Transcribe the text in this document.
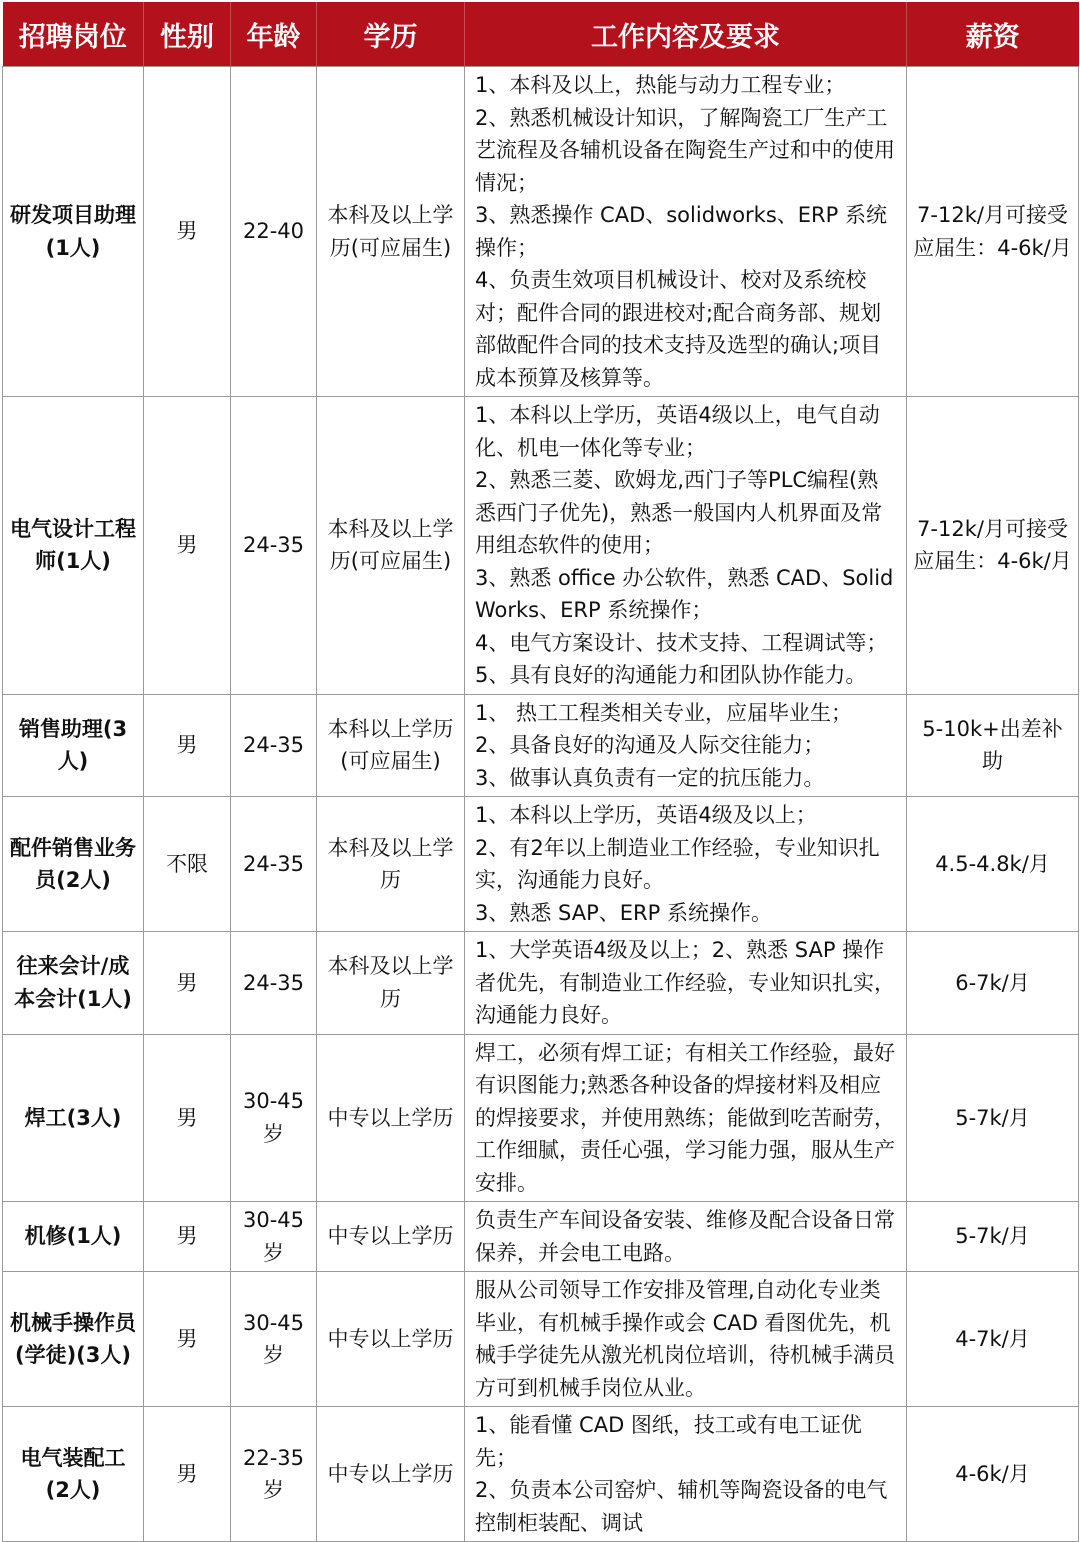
招聘岗位	性别	年龄	学历	工作内容及要求	薪资
研发项目助理(1人)	男	22-40	本科及以上学历(可应届生)	1、本科及以上，热能与动力工程专业；
2、熟悉机械设计知识，了解陶瓷工厂生产工艺流程及各辅机设备在陶瓷生产过和中的使用情况；
3、熟悉操作 CAD、solidworks、ERP 系统操作；
4、负责生效项目机械设计、校对及系统校对；配件合同的跟进校对;配合商务部、规划部做配件合同的技术支持及选型的确认;项目成本预算及核算等。	7-12k/月可接受应届生：4-6k/月
电气设计工程师(1人)	男	24-35	本科及以上学历(可应届生)	1、本科以上学历，英语4级以上，电气自动化、机电一体化等专业；
2、熟悉三菱、欧姆龙,西门子等PLC编程(熟悉西门子优先)，熟悉一般国内人机界面及常用组态软件的使用；
3、熟悉 office 办公软件，熟悉 CAD、SolidWorks、ERP 系统操作；
4、电气方案设计、技术支持、工程调试等；
5、具有良好的沟通能力和团队协作能力。	7-12k/月可接受应届生：4-6k/月
销售助理(3人)	男	24-35	本科以上学历(可应届生)	1、 热工工程类相关专业，应届毕业生；
2、具备良好的沟通及人际交往能力；
3、做事认真负责有一定的抗压能力。	5-10k+出差补助
配件销售业务员(2人)	不限	24-35	本科及以上学历	1、本科以上学历，英语4级及以上；
2、有2年以上制造业工作经验，专业知识扎实，沟通能力良好。
3、熟悉 SAP、ERP 系统操作。	4.5-4.8k/月
往来会计/成本会计(1人)	男	24-35	本科及以上学历	1、大学英语4级及以上；2、熟悉 SAP 操作者优先，有制造业工作经验，专业知识扎实，沟通能力良好。	6-7k/月
焊工(3人)	男	30-45岁	中专以上学历	焊工，必须有焊工证；有相关工作经验，最好有识图能力;熟悉各种设备的焊接材料及相应的焊接要求，并使用熟练；能做到吃苦耐劳，工作细腻，责任心强，学习能力强，服从生产安排。	5-7k/月
机修(1人)	男	30-45岁	中专以上学历	负责生产车间设备安装、维修及配合设备日常保养，并会电工电路。	5-7k/月
机械手操作员(学徒)(3人)	男	30-45岁	中专以上学历	服从公司领导工作安排及管理,自动化专业类毕业，有机械手操作或会 CAD 看图优先，机械手学徒先从激光机岗位培训，待机械手满员方可到机械手岗位从业。	4-7k/月
电气装配工(2人)	男	22-35岁	中专以上学历	1、能看懂 CAD 图纸，技工或有电工证优先；
2、负责本公司窑炉、辅机等陶瓷设备的电气控制柜装配、调试	4-6k/月
